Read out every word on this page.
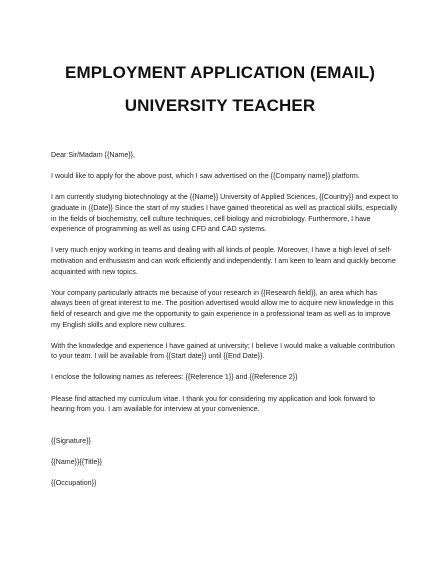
EMPLOYMENT APPLICATION (EMAIL)
UNIVERSITY TEACHER

Dear Sir/Madam {{Name}},

I would like to apply for the above post, which I saw advertised on the {{Company name}} platform.

I am currently studying biotechnology at the {{Name}} University of Applied Sciences, {{Country}} and expect to graduate in {{Date}} Since the start of my studies I have gained theoretical as well as practical skills, especially in the fields of biochemistry, cell culture techniques, cell biology and microbiology. Furthermore, I have experience of programming as well as using CFD and CAD systems.

I very much enjoy working in teams and dealing with all kinds of people. Moreover, I have a high level of self-motivation and enthusiasm and can work efficiently and independently. I am keen to learn and quickly become acquainted with new topics.

Your company particularly attracts me because of your research in {{Research field}}, an area which has always been of great interest to me. The position advertised would allow me to acquire new knowledge in this field of research and give me the opportunity to gain experience in a professional team as well as to improve my English skills and explore new cultures.

With the knowledge and experience I have gained at university; I believe I would make a valuable contribution to your team. I will be available from {{Start date}} until {{End Date}}.

I enclose the following names as referees: {{Reference 1}} and {{Reference 2}}

Please find attached my curriculum vitae. I thank you for considering my application and look forward to hearing from you. I am available for interview at your convenience.

{{Signature}}

{{Name}}{{Title}}

{{Occupation}}
